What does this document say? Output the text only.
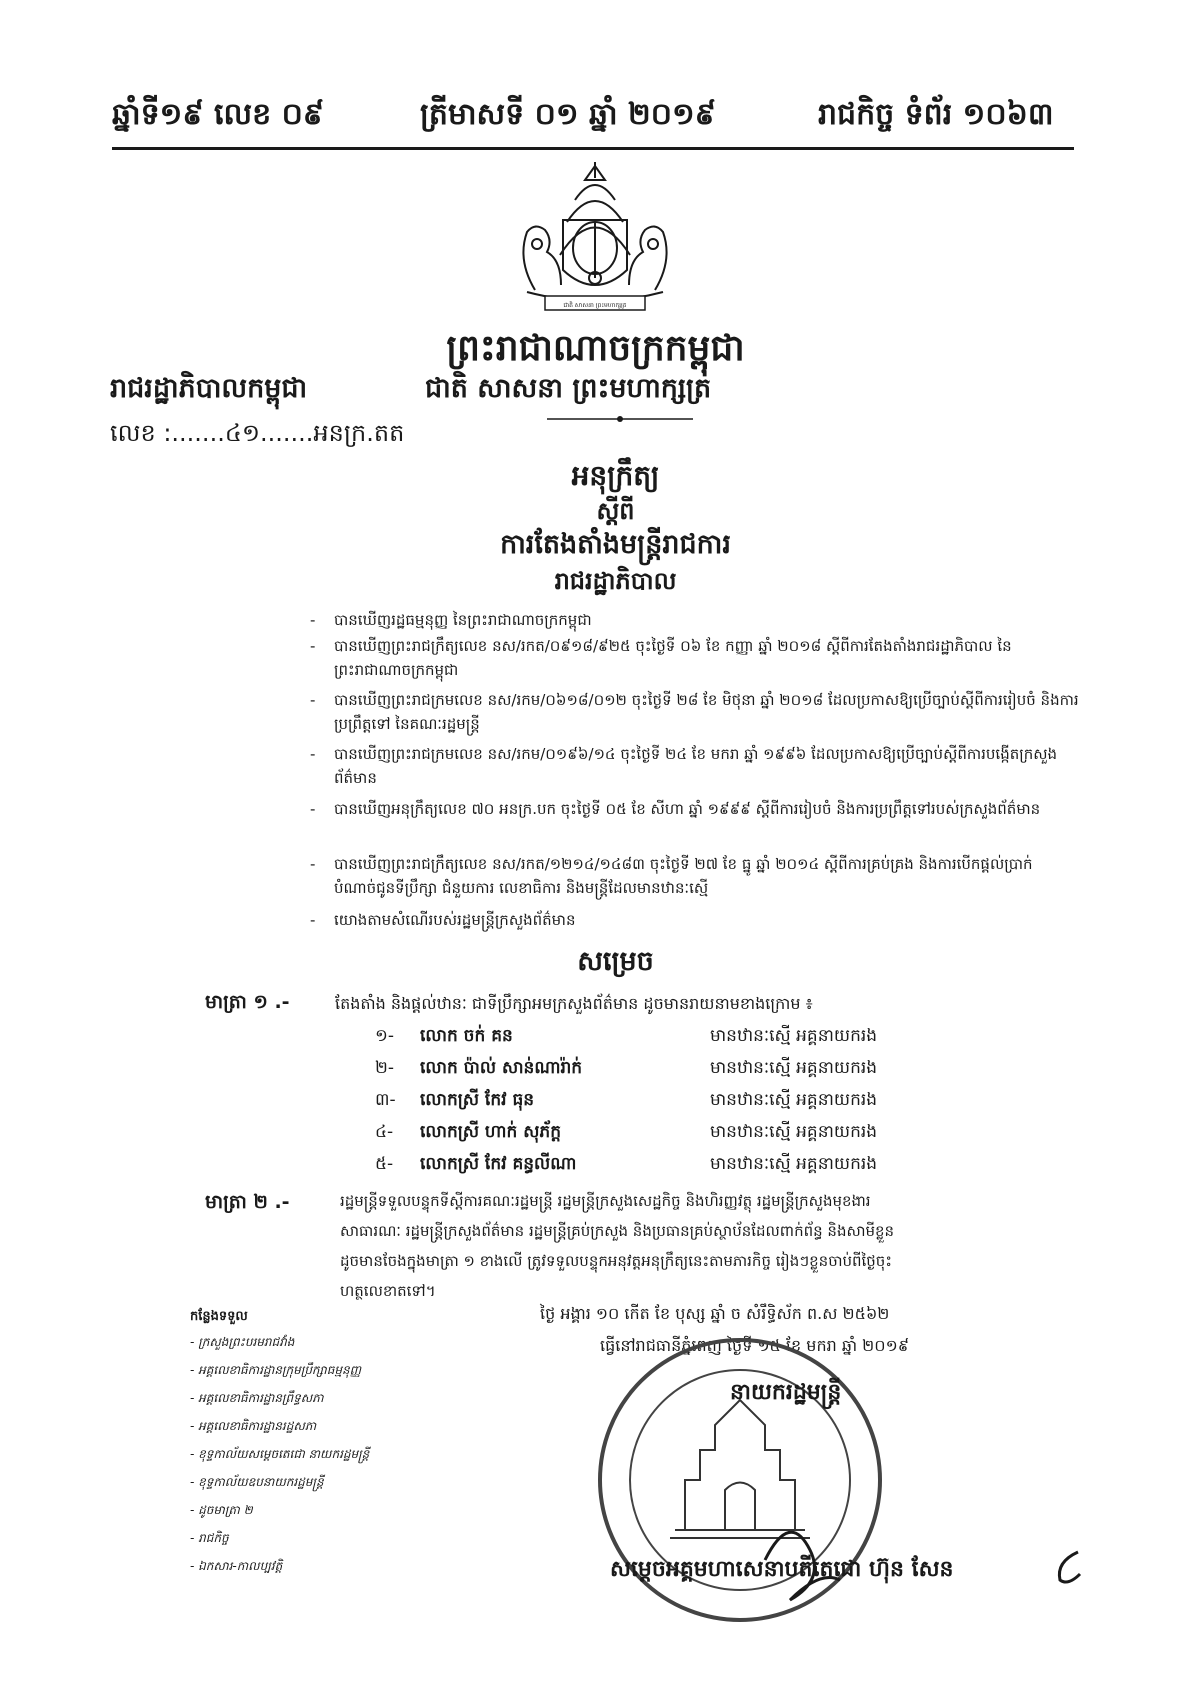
ឆ្នាំទី១៩ លេខ ០៩	ត្រីមាសទី ០១ ឆ្នាំ ២០១៩	រាជកិច្ច ទំព័រ ១០៦៣
ជាតិ សាសនា ព្រះមហាក្សត្រ
ព្រះរាជាណាចក្រកម្ពុជា
រាជរដ្ឋាភិបាលកម្ពុជា	ជាតិ សាសនា ព្រះមហាក្សត្រ
លេខ :.......៤១.......អនក្រ.តត
អនុក្រឹត្យ
ស្តីពី
ការតែងតាំងមន្ត្រីរាជការ
រាជរដ្ឋាភិបាល
- បានឃើញរដ្ឋធម្មនុញ្ញ នៃព្រះរាជាណាចក្រកម្ពុជា
- បានឃើញព្រះរាជក្រឹត្យលេខ នស/រកត/០៩១៨/៩២៥ ចុះថ្ងៃទី ០៦ ខែ កញ្ញា ឆ្នាំ ២០១៨ ស្តីពីការតែងតាំងរាជរដ្ឋាភិបាល នៃព្រះរាជាណាចក្រកម្ពុជា
- បានឃើញព្រះរាជក្រមលេខ នស/រកម/០៦១៨/០១២ ចុះថ្ងៃទី ២៨ ខែ មិថុនា ឆ្នាំ ២០១៨ ដែលប្រកាសឱ្យប្រើច្បាប់ស្តីពីការរៀបចំ និងការប្រព្រឹត្តទៅ នៃគណៈរដ្ឋមន្ត្រី
- បានឃើញព្រះរាជក្រមលេខ នស/រកម/០១៩៦/១៤ ចុះថ្ងៃទី ២៤ ខែ មករា ឆ្នាំ ១៩៩៦ ដែលប្រកាសឱ្យប្រើច្បាប់ស្តីពីការបង្កើតក្រសួងព័ត៌មាន
- បានឃើញអនុក្រឹត្យលេខ ៧០ អនក្រ.បក ចុះថ្ងៃទី ០៥ ខែ សីហា ឆ្នាំ ១៩៩៩ ស្តីពីការរៀបចំ និងការប្រព្រឹត្តទៅរបស់ក្រសួងព័ត៌មាន
- បានឃើញព្រះរាជក្រឹត្យលេខ នស/រកត/១២១៤/១៤៨៣ ចុះថ្ងៃទី ២៧ ខែ ធ្នូ ឆ្នាំ ២០១៤ ស្តីពីការគ្រប់គ្រង និងការបើកផ្តល់ប្រាក់បំណាច់ជូនទីប្រឹក្សា ជំនួយការ លេខាធិការ និងមន្ត្រីដែលមានឋានៈស្មើ
- យោងតាមសំណើរបស់រដ្ឋមន្ត្រីក្រសួងព័ត៌មាន
សម្រេច
មាត្រា ១ .-	តែងតាំង និងផ្តល់ឋានៈ ជាទីប្រឹក្សាអមក្រសួងព័ត៌មាន ដូចមានរាយនាមខាងក្រោម ៖
១- លោក ចក់ គន	មានឋានៈស្មើ អគ្គនាយករង
២- លោក ប៉ាល់ សាន់ណារ៉ាក់	មានឋានៈស្មើ អគ្គនាយករង
៣- លោកស្រី កែវ ធុន	មានឋានៈស្មើ អគ្គនាយករង
៤- លោកស្រី ហាក់ សុភ័ក្ត	មានឋានៈស្មើ អគ្គនាយករង
៥- លោកស្រី កែវ គន្ធលីណា	មានឋានៈស្មើ អគ្គនាយករង
មាត្រា ២ .-	រដ្ឋមន្ត្រីទទួលបន្ទុកទីស្តីការគណៈរដ្ឋមន្ត្រី រដ្ឋមន្ត្រីក្រសួងសេដ្ឋកិច្ច និងហិរញ្ញវត្ថុ រដ្ឋមន្ត្រីក្រសួងមុខងារ
សាធារណៈ រដ្ឋមន្ត្រីក្រសួងព័ត៌មាន រដ្ឋមន្ត្រីគ្រប់ក្រសួង និងប្រធានគ្រប់ស្ថាប័នដែលពាក់ព័ន្ធ និងសាមីខ្លួន
ដូចមានចែងក្នុងមាត្រា ១ ខាងលើ ត្រូវទទួលបន្ទុកអនុវត្តអនុក្រឹត្យនេះតាមភារកិច្ច រៀងៗខ្លួនចាប់ពីថ្ងៃចុះ
ហត្ថលេខាតទៅ។
ថ្ងៃ អង្គារ ១០ កើត ខែ បុស្ស ឆ្នាំ ច សំរឹទ្ធិស័ក ព.ស ២៥៦២
ធ្វើនៅរាជធានីភ្នំពេញ ថ្ងៃទី ១៥ ខែ មករា ឆ្នាំ ២០១៩
នាយករដ្ឋមន្ត្រី
សម្តេចអគ្គមហាសេនាបតីតេជោ ហ៊ុន សែន
កន្លែងទទួល
- ក្រសួងព្រះបរមរាជវាំង
- អគ្គលេខាធិការដ្ឋានក្រុមប្រឹក្សាធម្មនុញ្ញ
- អគ្គលេខាធិការដ្ឋានព្រឹទ្ធសភា
- អគ្គលេខាធិការដ្ឋានរដ្ឋសភា
- ខុទ្ទកាល័យសម្តេចតេជោ នាយករដ្ឋមន្ត្រី
- ខុទ្ទកាល័យឧបនាយករដ្ឋមន្ត្រី
- ដូចមាត្រា ២
- រាជកិច្ច
- ឯកសារ-កាលប្បវត្តិ
